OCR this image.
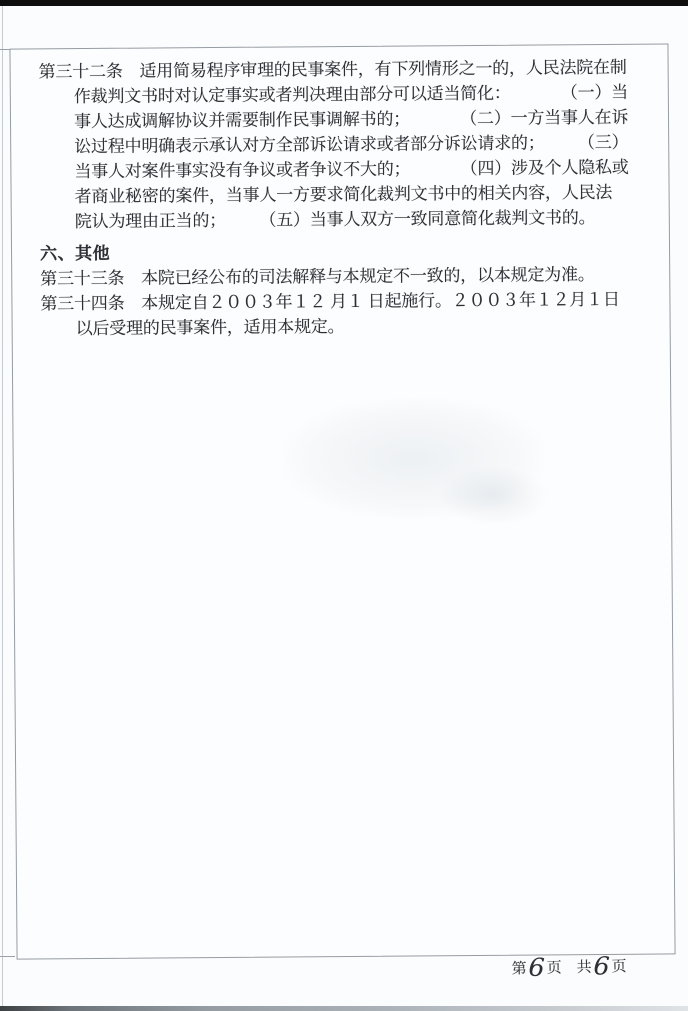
第三十二条　适用简易程序审理的民事案件，有下列情形之一的，人民法院在制
作裁判文书时对认定事实或者判决理由部分可以适当简化：　　　　（一）当
事人达成调解协议并需要制作民事调解书的；　　　　（二）一方当事人在诉
讼过程中明确表示承认对方全部诉讼请求或者部分诉讼请求的；　　　（三）
当事人对案件事实没有争议或者争议不大的；　　　　（四）涉及个人隐私或
者商业秘密的案件，当事人一方要求简化裁判文书中的相关内容，人民法
院认为理由正当的；　　　（五）当事人双方一致同意简化裁判文书的。
六、其他
第三十三条　本院已经公布的司法解释与本规定不一致的，以本规定为准。
第三十四条　本规定自２００３年１２ 月１ 日起施行。２００３年１２月１日
以后受理的民事案件，适用本规定。
第6页 共6页
